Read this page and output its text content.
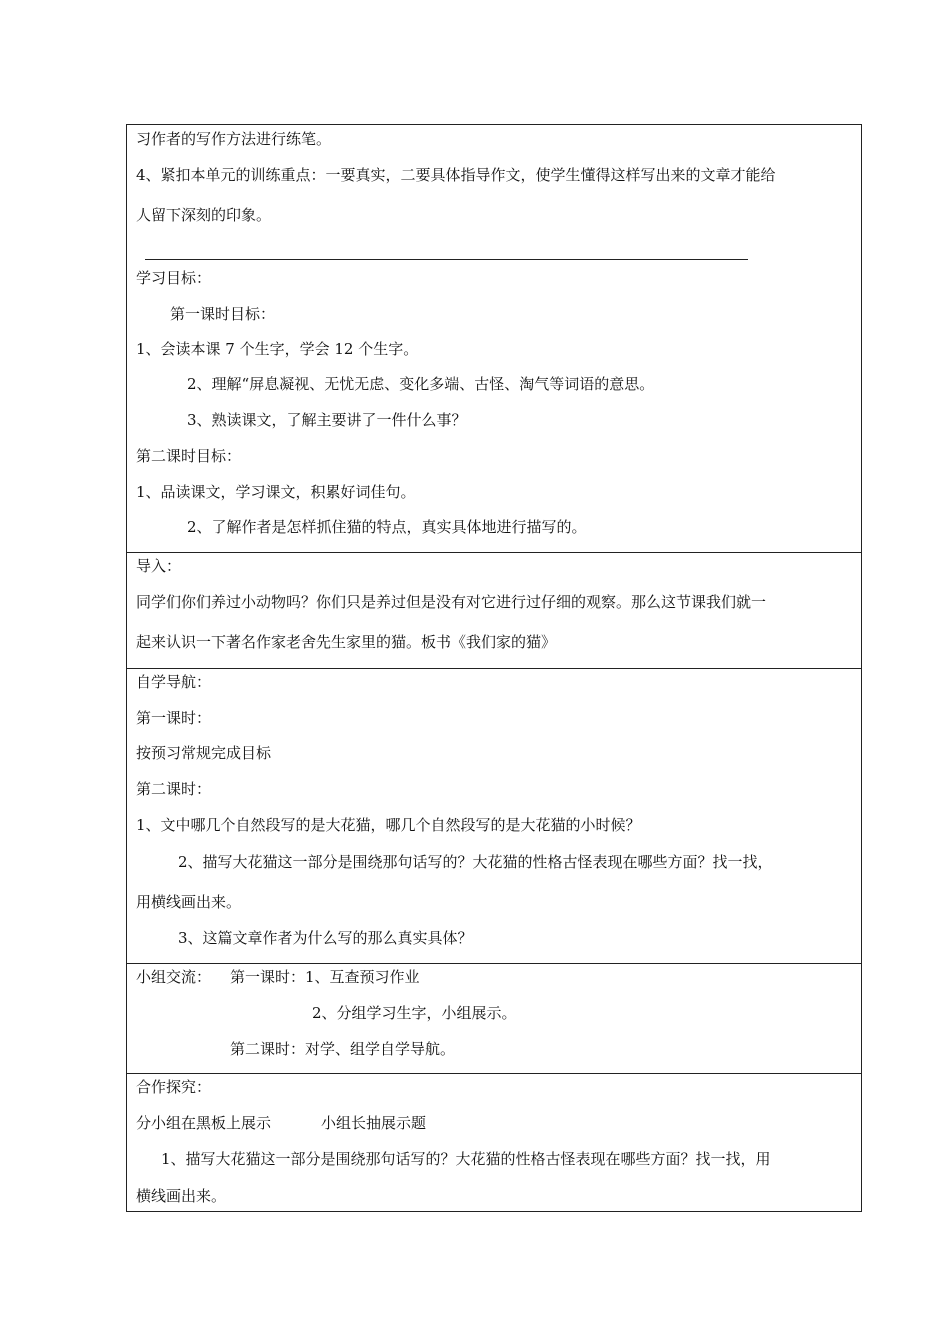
习作者的写作方法进行练笔。
4、紧扣本单元的训练重点：一要真实，二要具体指导作文，使学生懂得这样写出来的文章才能给
人留下深刻的印象。
学习目标：
第一课时目标：
1、会读本课 7 个生字，学会 12 个生字。
2、理解“屏息凝视、无忧无虑、变化多端、古怪、淘气等词语的意思。
3、熟读课文，了解主要讲了一件什么事？
第二课时目标：
1、品读课文，学习课文，积累好词佳句。
2、了解作者是怎样抓住猫的特点，真实具体地进行描写的。
导入：
同学们你们养过小动物吗？你们只是养过但是没有对它进行过仔细的观察。那么这节课我们就一
起来认识一下著名作家老舍先生家里的猫。板书《我们家的猫》
自学导航：
第一课时：
按预习常规完成目标
第二课时：
1、文中哪几个自然段写的是大花猫，哪几个自然段写的是大花猫的小时候？
2、描写大花猫这一部分是围绕那句话写的？大花猫的性格古怪表现在哪些方面？找一找，
用横线画出来。
3、这篇文章作者为什么写的那么真实具体？
小组交流： 第一课时：1、互查预习作业
2、分组学习生字，小组展示。
第二课时：对学、组学自学导航。
合作探究：
分小组在黑板上展示	小组长抽展示题
1、描写大花猫这一部分是围绕那句话写的？大花猫的性格古怪表现在哪些方面？找一找，用
横线画出来。
